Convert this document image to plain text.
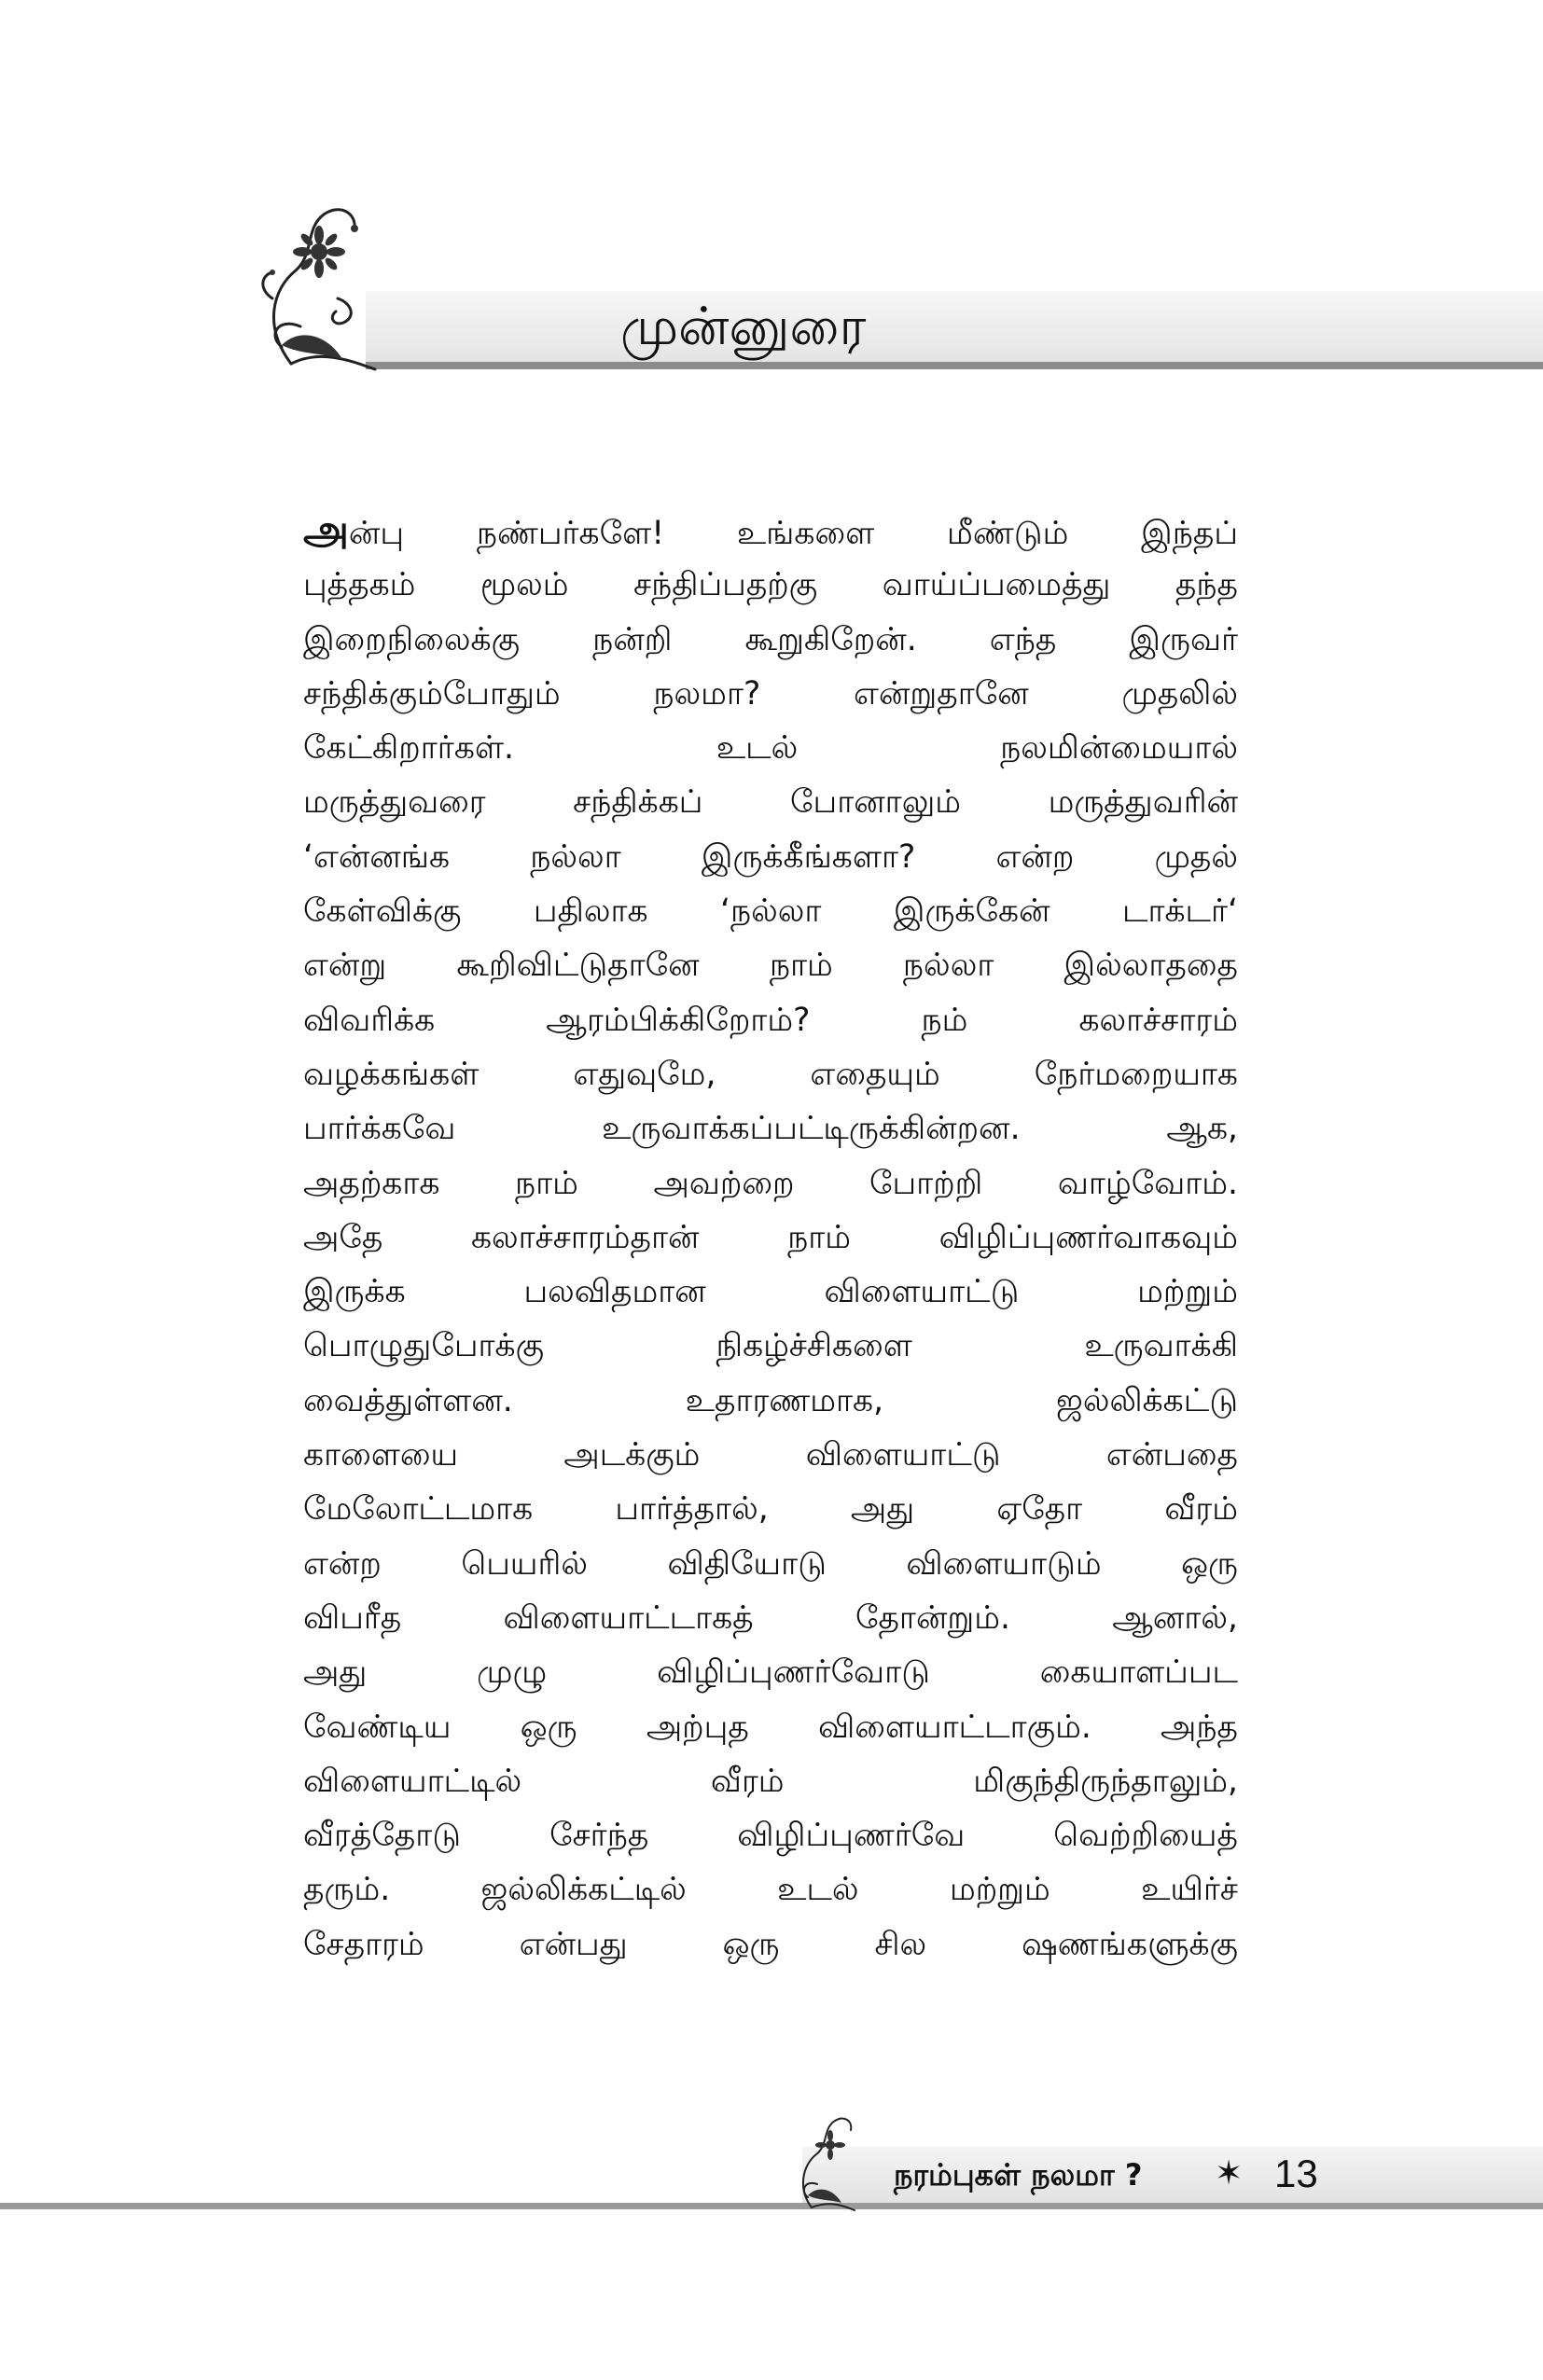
முன்னுரை
அன்பு நண்பர்களே! உங்களை மீண்டும் இந்தப்
புத்தகம் மூலம் சந்திப்பதற்கு வாய்ப்பமைத்து தந்த
இறைநிலைக்கு நன்றி கூறுகிறேன். எந்த இருவர்
சந்திக்கும்போதும் நலமா? என்றுதானே முதலில்
கேட்கிறார்கள். உடல் நலமின்மையால்
மருத்துவரை சந்திக்கப் போனாலும் மருத்துவரின்
‘என்னங்க நல்லா இருக்கீங்களா? என்ற முதல்
கேள்விக்கு பதிலாக ‘நல்லா இருக்கேன் டாக்டர்‘
என்று கூறிவிட்டுதானே நாம் நல்லா இல்லாததை
விவரிக்க ஆரம்பிக்கிறோம்? நம் கலாச்சாரம்
வழக்கங்கள் எதுவுமே, எதையும் நேர்மறையாக
பார்க்கவே உருவாக்கப்பட்டிருக்கின்றன. ஆக,
அதற்காக நாம் அவற்றை போற்றி வாழ்வோம்.
அதே கலாச்சாரம்தான் நாம் விழிப்புணர்வாகவும்
இருக்க பலவிதமான விளையாட்டு மற்றும்
பொழுதுபோக்கு நிகழ்ச்சிகளை உருவாக்கி
வைத்துள்ளன. உதாரணமாக, ஜல்லிக்கட்டு
காளையை அடக்கும் விளையாட்டு என்பதை
மேலோட்டமாக பார்த்தால், அது ஏதோ வீரம்
என்ற பெயரில் விதியோடு விளையாடும் ஒரு
விபரீத விளையாட்டாகத் தோன்றும். ஆனால்,
அது முழு விழிப்புணர்வோடு கையாளப்பட
வேண்டிய ஒரு அற்புத விளையாட்டாகும். அந்த
விளையாட்டில் வீரம் மிகுந்திருந்தாலும்,
வீரத்தோடு சேர்ந்த விழிப்புணர்வே வெற்றியைத்
தரும். ஜல்லிக்கட்டில் உடல் மற்றும் உயிர்ச்
சேதாரம் என்பது ஒரு சில ஷணங்களுக்கு
நரம்புகள் நலமா ? ✶ 13
